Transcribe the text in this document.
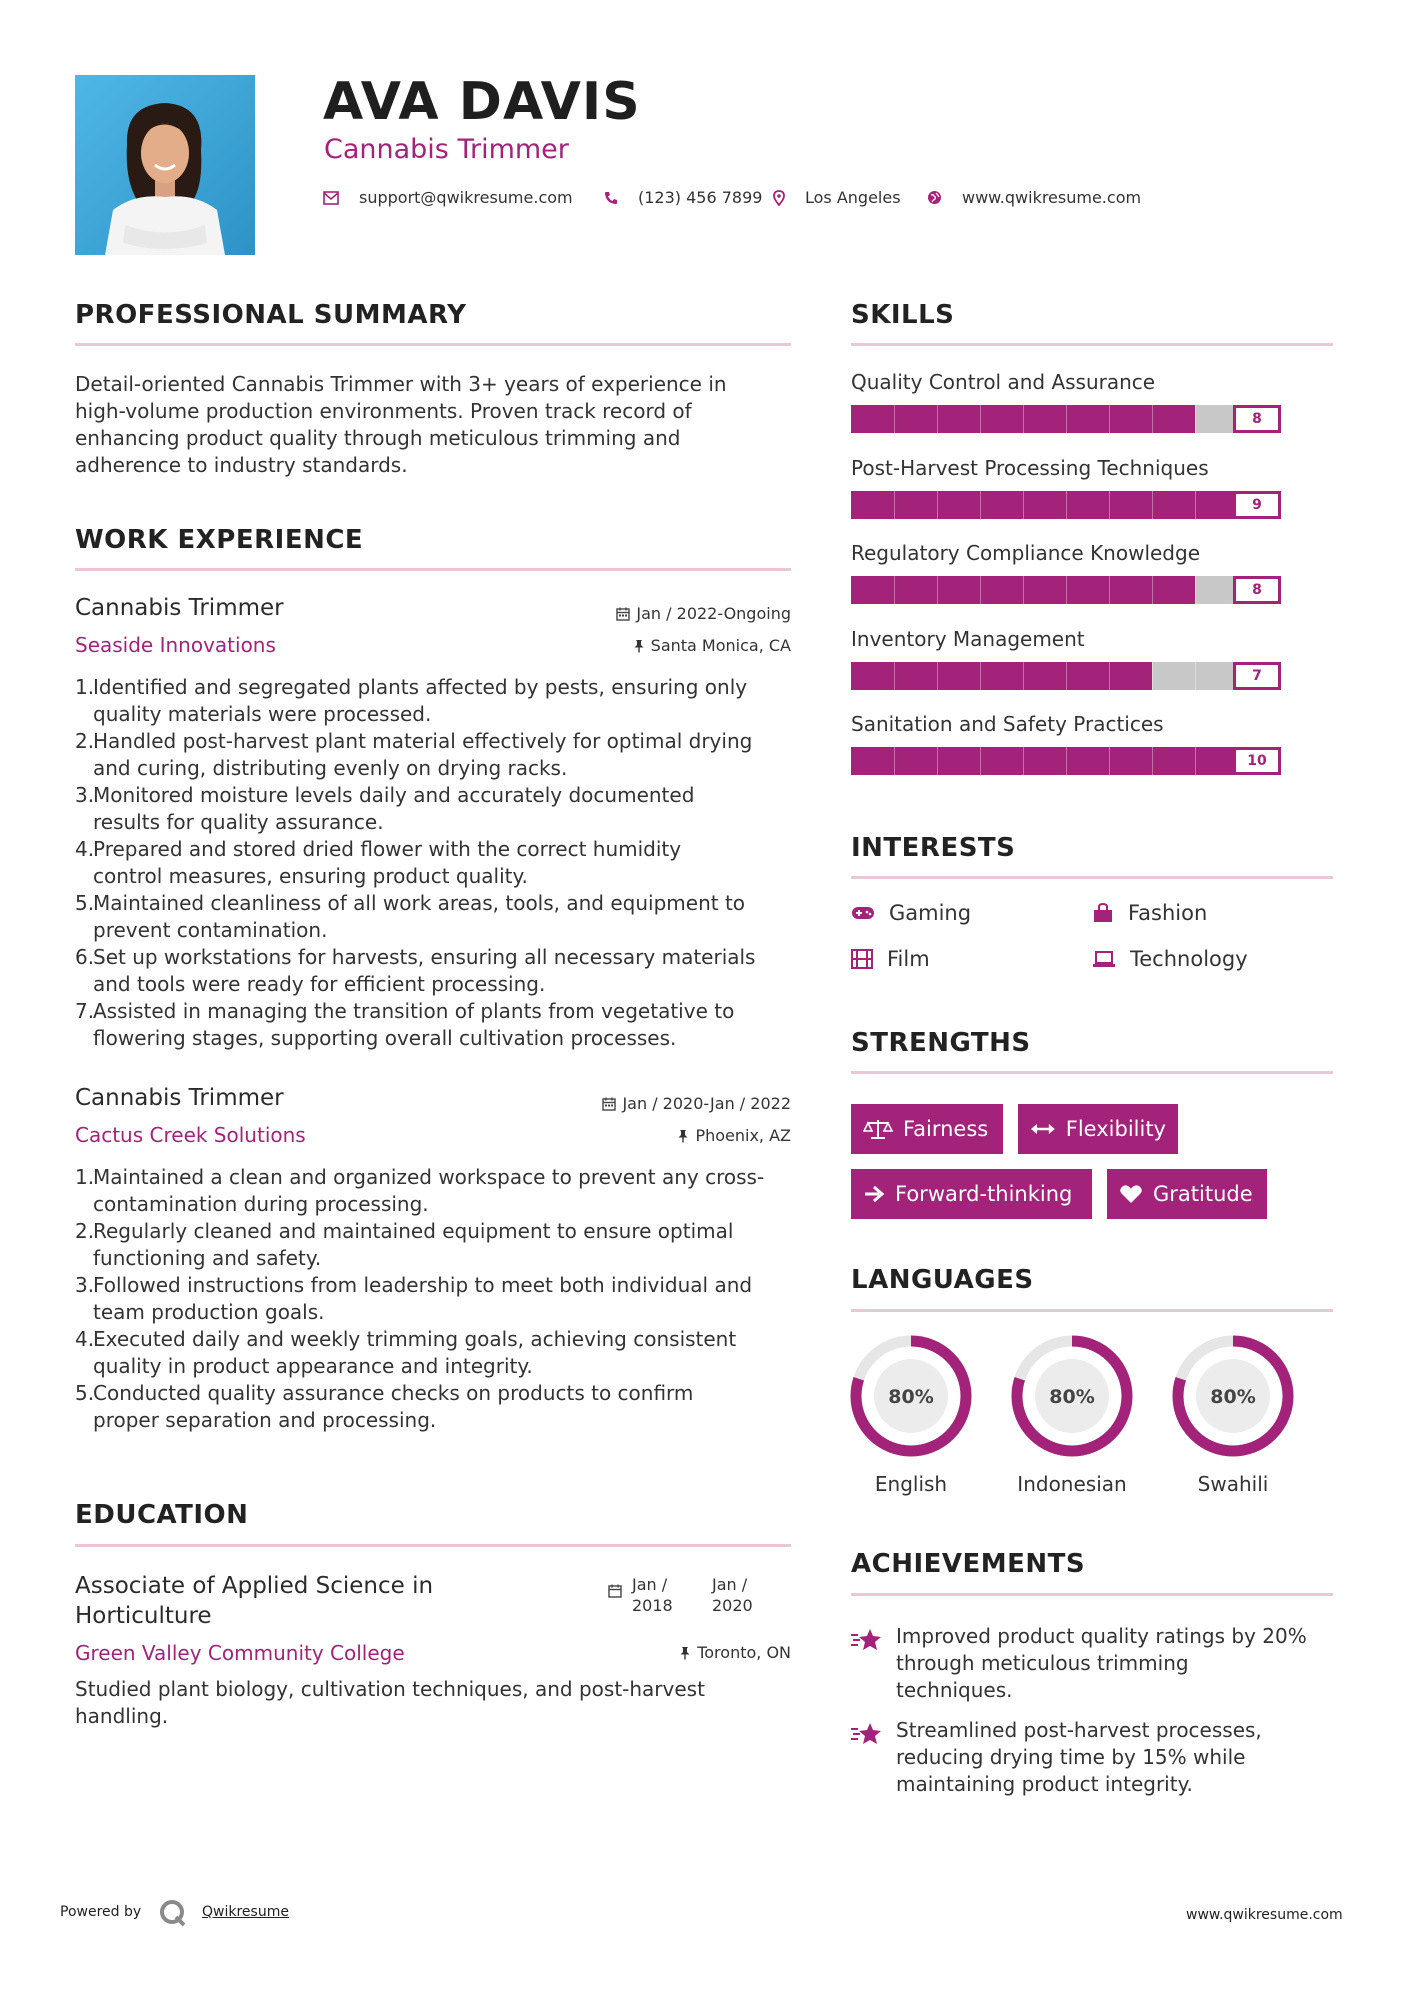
AVA DAVIS
Cannabis Trimmer
support@qwikresume.com	(123) 456 7899	Los Angeles	www.qwikresume.com
PROFESSIONAL SUMMARY
Detail-oriented Cannabis Trimmer with 3+ years of experience in
high-volume production environments. Proven track record of
enhancing product quality through meticulous trimming and
adherence to industry standards.
WORK EXPERIENCE
Cannabis Trimmer
Seaside Innovations
Jan / 2022-Ongoing
Santa Monica, CA
1.
Identified and segregated plants affected by pests, ensuring only
quality materials were processed.
2.
Handled post-harvest plant material effectively for optimal drying
and curing, distributing evenly on drying racks.
3.
Monitored moisture levels daily and accurately documented
results for quality assurance.
4.
Prepared and stored dried flower with the correct humidity
control measures, ensuring product quality.
5.
Maintained cleanliness of all work areas, tools, and equipment to
prevent contamination.
6.
Set up workstations for harvests, ensuring all necessary materials
and tools were ready for efficient processing.
7.
Assisted in managing the transition of plants from vegetative to
flowering stages, supporting overall cultivation processes.
Cannabis Trimmer
Cactus Creek Solutions
Jan / 2020-Jan / 2022
Phoenix, AZ
1.
Maintained a clean and organized workspace to prevent any cross-
contamination during processing.
2.
Regularly cleaned and maintained equipment to ensure optimal
functioning and safety.
3.
Followed instructions from leadership to meet both individual and
team production goals.
4.
Executed daily and weekly trimming goals, achieving consistent
quality in product appearance and integrity.
5.
Conducted quality assurance checks on products to confirm
proper separation and processing.
EDUCATION
Associate of Applied Science in
Horticulture
Green Valley Community College
Jan /
2018
Jan /
2020
Toronto, ON
Studied plant biology, cultivation techniques, and post-harvest
handling.
SKILLS
Quality Control and Assurance
8
Post-Harvest Processing Techniques
9
Regulatory Compliance Knowledge
8
Inventory Management
7
Sanitation and Safety Practices
10
INTERESTS
Gaming	Fashion
Film	Technology
STRENGTHS
Fairness	Flexibility
Forward-thinking	Gratitude
LANGUAGES
80%
English
80%
Indonesian
80%
Swahili
ACHIEVEMENTS
Improved product quality ratings by 20%
through meticulous trimming
techniques.
Streamlined post-harvest processes,
reducing drying time by 15% while
maintaining product integrity.
Powered by	Qwikresume	www.qwikresume.com
